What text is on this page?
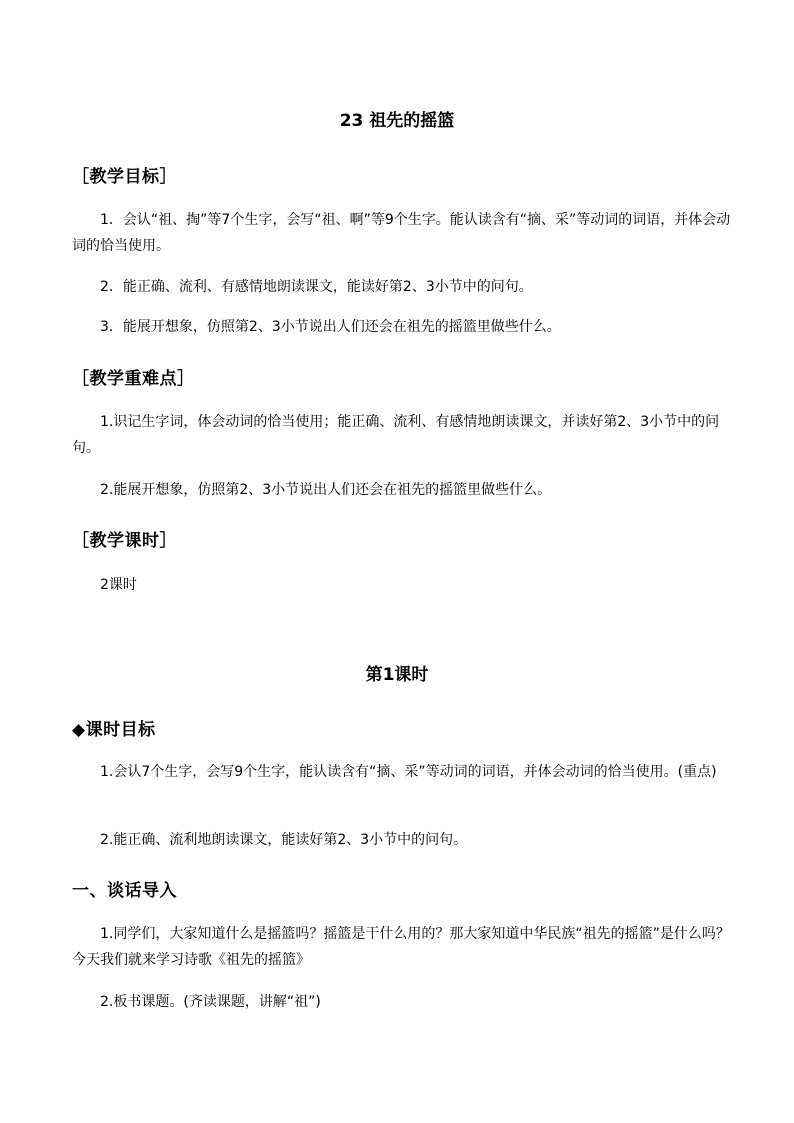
23 祖先的摇篮
［教学目标］

1．会认“祖、掏”等7个生字，会写“祖、啊”等9个生字。能认读含有“摘、采”等动词的词语，并体会动词的恰当使用。

2．能正确、流利、有感情地朗读课文，能读好第2、3小节中的问句。

3．能展开想象，仿照第2、3小节说出人们还会在祖先的摇篮里做些什么。

［教学重难点］

1.识记生字词，体会动词的恰当使用；能正确、流利、有感情地朗读课文，并读好第2、3小节中的问句。

2.能展开想象，仿照第2、3小节说出人们还会在祖先的摇篮里做些什么。

［教学课时］

2课时

第1课时
◆课时目标

1.会认7个生字，会写9个生字，能认读含有“摘、采”等动词的词语，并体会动词的恰当使用。(重点)

2.能正确、流利地朗读课文，能读好第2、3小节中的问句。

一、谈话导入

1.同学们，大家知道什么是摇篮吗？摇篮是干什么用的？那大家知道中华民族“祖先的摇篮”是什么吗？今天我们就来学习诗歌《祖先的摇篮》

2.板书课题。(齐读课题，讲解“祖”)
